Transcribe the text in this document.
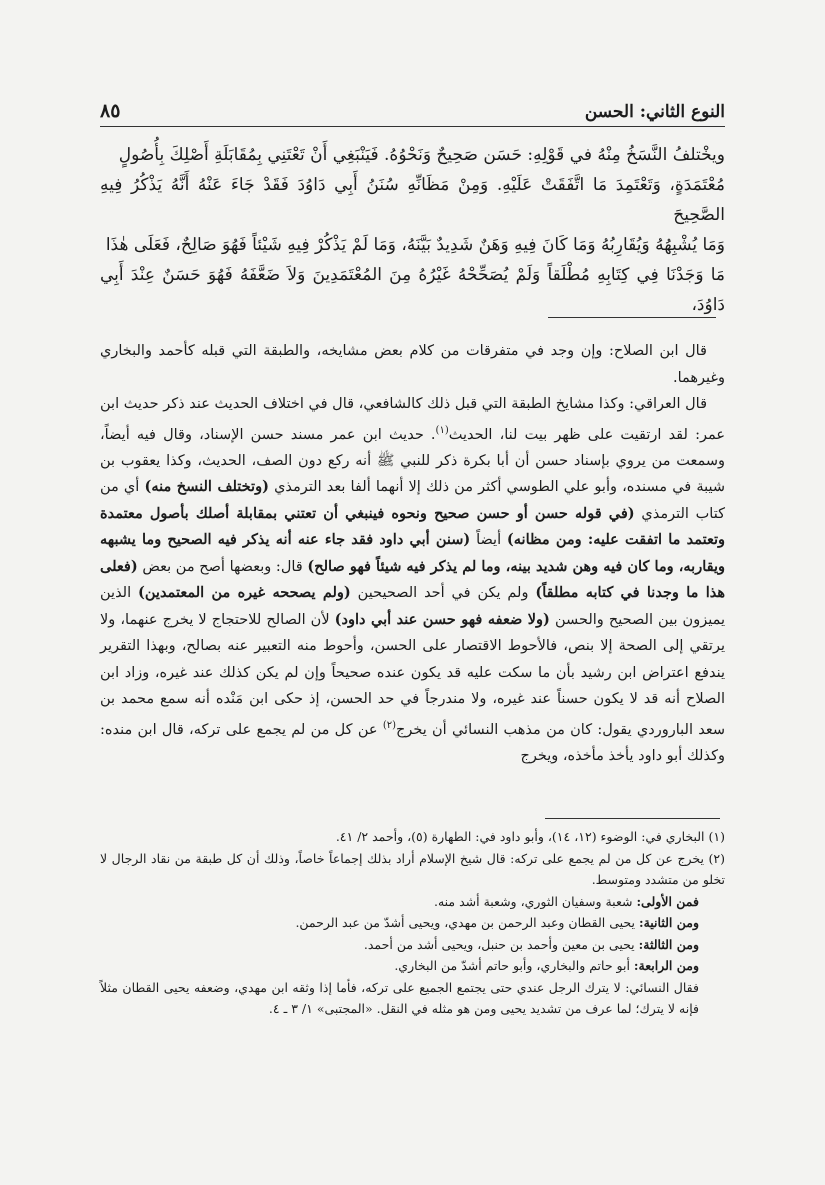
النوع الثاني: الحسن
٨٥

ويخْتلفُ النَّسَخُ مِنْهُ في قَوْلِهِ: حَسَن صَحِيحٌ وَنَحْوُهُ. فَيَنْبَغِي أَنْ تَعْتَنِي بِمُقَابَلَةِ أَصْلِكَ بِأُصُولٍ

مُعْتَمَدَةٍ، وَتَعْتَمِدَ مَا اتَّفَقَتْ عَلَيْهِ. وَمِنْ مَظَانِّهِ سُنَنُ أَبِي دَاوُدَ فَقَدْ جَاءَ عَنْهُ أَنَّهُ يَذْكُرُ فِيهِ الصَّحِيحَ

وَمَا يُشْبِهُهُ وَيُقَارِبُهُ وَمَا كَانَ فِيهِ وَهَنٌ شَدِيدٌ بَيَّنَهُ، وَمَا لَمْ يَذْكُرْ فِيهِ شَيْئاً فَهُوَ صَالِحٌ، فَعَلَى هٰذَا

مَا وَجَدْنَا فِي كِتَابِهِ مُطْلَقاً وَلَمْ يُصَحِّحْهُ غَيْرُهُ مِنَ المُعْتَمَدِينَ وَلاَ ضَعَّفَهُ فَهُوَ حَسَنٌ عِنْدَ أَبِي دَاوُدَ،

قال ابن الصلاح: وإن وجد في متفرقات من كلام بعض مشايخه، والطبقة التي قبله كأحمد والبخاري وغيرهما.

قال العراقي: وكذا مشايخ الطبقة التي قبل ذلك كالشافعي، قال في اختلاف الحديث عند ذكر حديث ابن عمر: لقد ارتقيت على ظهر بيت لنا، الحديث$^{(١)}$. حديث ابن عمر مسند حسن الإسناد، وقال فيه أيضاً، وسمعت من يروي بإسناد حسن أن أبا بكرة ذكر للنبي ﷺ أنه ركع دون الصف، الحديث، وكذا يعقوب بن شيبة في مسنده، وأبو علي الطوسي أكثر من ذلك إلا أنهما ألفا بعد الترمذي (وتختلف النسخ منه) أي من كتاب الترمذي (في قوله حسن أو حسن صحيح ونحوه فينبغي أن تعتني بمقابلة أصلك بأصول معتمدة وتعتمد ما اتفقت عليه: ومن مظانه) أيضاً (سنن أبي داود فقد جاء عنه أنه يذكر فيه الصحيح وما يشبهه ويقاربه، وما كان فيه وهن شديد بينه، وما لم يذكر فيه شيئاً فهو صالح) قال: وبعضها أصح من بعض (فعلى هذا ما وجدنا في كتابه مطلقاً) ولم يكن في أحد الصحيحين (ولم يصححه غيره من المعتمدين) الذين يميزون بين الصحيح والحسن (ولا ضعفه فهو حسن عند أبي داود) لأن الصالح للاحتجاج لا يخرج عنهما، ولا يرتقي إلى الصحة إلا بنص، فالأحوط الاقتصار على الحسن، وأحوط منه التعبير عنه بصالح، وبهذا التقرير يندفع اعتراض ابن رشيد بأن ما سكت عليه قد يكون عنده صحيحاً وإن لم يكن كذلك عند غيره، وزاد ابن الصلاح أنه قد لا يكون حسناً عند غيره، ولا مندرجاً في حد الحسن، إذ حكى ابن مَنْده أنه سمع محمد بن سعد الباروردي يقول: كان من مذهب النسائي أن يخرج$^{(٢)}$ عن كل من لم يجمع على تركه، قال ابن منده: وكذلك أبو داود يأخذ مأخذه، ويخرج

(١) البخاري في: الوضوء (١٢، ١٤)، وأبو داود في: الطهارة (٥)، وأحمد ٢/ ٤١.

(٢) يخرج عن كل من لم يجمع على تركه: قال شيخ الإسلام أراد بذلك إجماعاً خاصاً، وذلك أن كل طبقة من نقاد الرجال لا تخلو من متشدد ومتوسط.

فمن الأولى: شعبة وسفيان الثوري، وشعبة أشد منه.

ومن الثانية: يحيى القطان وعبد الرحمن بن مهدي، ويحيى أشدّ من عبد الرحمن.

ومن الثالثة: يحيى بن معين وأحمد بن حنبل، ويحيى أشد من أحمد.

ومن الرابعة: أبو حاتم والبخاري، وأبو حاتم أشدّ من البخاري.

فقال النسائي: لا يترك الرجل عندي حتى يجتمع الجميع على تركه، فأما إذا وثقه ابن مهدي، وضعفه يحيى القطان مثلاً فإنه لا يترك؛ لما عرف من تشديد يحيى ومن هو مثله في النقل. «المجتبى» ١/ ٣ ـ ٤.
